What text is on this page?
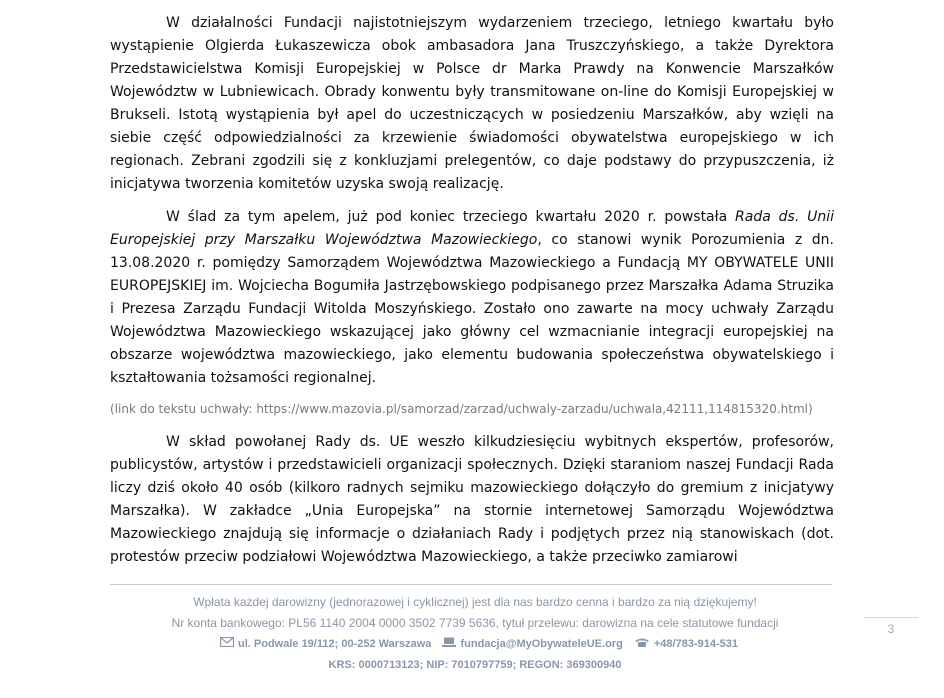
W działalności Fundacji najistotniejszym wydarzeniem trzeciego, letniego kwartału było wystąpienie Olgierda Łukaszewicza obok ambasadora Jana Truszczyńskiego, a także Dyrektora Przedstawicielstwa Komisji Europejskiej w Polsce dr Marka Prawdy na Konwencie Marszałków Województw w Lubniewicach. Obrady konwentu były transmitowane on-line do Komisji Europejskiej w Brukseli. Istotą wystąpienia był apel do uczestniczących w posiedzeniu Marszałków, aby wzięli na siebie część odpowiedzialności za krzewienie świadomości obywatelstwa europejskiego w ich regionach. Zebrani zgodzili się z konkluzjami prelegentów, co daje podstawy do przypuszczenia, iż inicjatywa tworzenia komitetów uzyska swoją realizację.

W ślad za tym apelem, już pod koniec trzeciego kwartału 2020 r. powstała Rada ds. Unii Europejskiej przy Marszałku Województwa Mazowieckiego, co stanowi wynik Porozumienia z dn. 13.08.2020 r. pomiędzy Samorządem Województwa Mazowieckiego a Fundacją MY OBYWATELE UNII EUROPEJSKIEJ im. Wojciecha Bogumiła Jastrzębowskiego podpisanego przez Marszałka Adama Struzika i Prezesa Zarządu Fundacji Witolda Moszyńskiego. Zostało ono zawarte na mocy uchwały Zarządu Województwa Mazowieckiego wskazującej jako główny cel wzmacnianie integracji europejskiej na obszarze województwa mazowieckiego, jako elementu budowania społeczeństwa obywatelskiego i kształtowania tożsamości regionalnej.

(link do tekstu uchwały: https://www.mazovia.pl/samorzad/zarzad/uchwaly-zarzadu/uchwala,42111,114815320.html)

W skład powołanej Rady ds. UE weszło kilkudziesięciu wybitnych ekspertów, profesorów, publicystów, artystów i przedstawicieli organizacji społecznych. Dzięki staraniom naszej Fundacji Rada liczy dziś około 40 osób (kilkoro radnych sejmiku mazowieckiego dołączyło do gremium z inicjatywy Marszałka). W zakładce „Unia Europejska” na stornie internetowej Samorządu Województwa Mazowieckiego znajdują się informacje o działaniach Rady i podjętych przez nią stanowiskach (dot. protestów przeciw podziałowi Województwa Mazowieckiego, a także przeciwko zamiarowi

Wpłata każdej darowizny (jednorazowej i cyklicznej) jest dla nas bardzo cenna i bardzo za nią dziękujemy!
Nr konta bankowego: PL56 1140 2004 0000 3502 7739 5636, tytuł przelewu: darowizna na cele statutowe fundacji
ul. Podwale 19/112; 00-252 Warszawa	fundacja@MyObywateleUE.org	+48/783-914-531
KRS: 0000713123; NIP: 7010797759; REGON: 369300940
3
